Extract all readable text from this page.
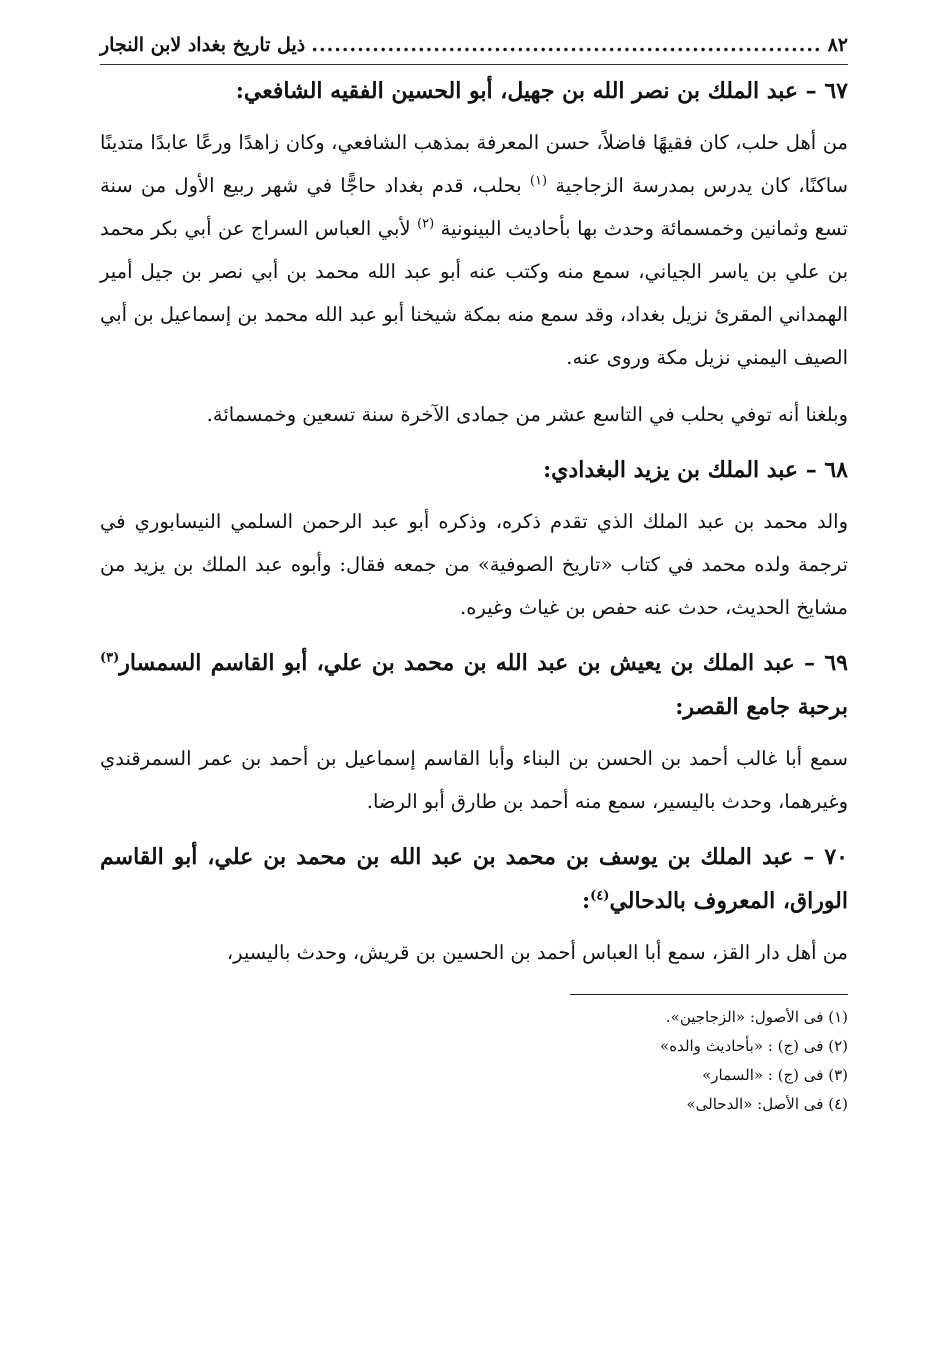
٨٢
...................................................................
ذيل تاريخ بغداد لابن النجار
٦٧ – عبد الملك بن نصر الله بن جهيل، أبو الحسين الفقيه الشافعي:

من أهل حلب، كان فقيهًا فاضلاً، حسن المعرفة بمذهب الشافعي، وكان زاهدًا ورعًا عابدًا متدينًا ساكنًا، كان يدرس بمدرسة الزجاجية $^{(١)}$ بحلب، قدم بغداد حاجًّا في شهر ربيع الأول من سنة تسع وثمانين وخمسمائة وحدث بها بأحاديث البينونية $^{(٢)}$ لأبي العباس السراج عن أبي بكر محمد بن علي بن ياسر الجياني، سمع منه وكتب عنه أبو عبد الله محمد بن أبي نصر بن جيل أمير الهمداني المقرئ نزيل بغداد، وقد سمع منه بمكة شيخنا أبو عبد الله محمد بن إسماعيل بن أبي الصيف اليمني نزيل مكة وروى عنه.

وبلغنا أنه توفي بحلب في التاسع عشر من جمادى الآخرة سنة تسعين وخمسمائة.

٦٨ – عبد الملك بن يزيد البغدادي:

والد محمد بن عبد الملك الذي تقدم ذكره، وذكره أبو عبد الرحمن السلمي النيسابوري في ترجمة ولده محمد في كتاب «تاريخ الصوفية» من جمعه فقال: وأبوه عبد الملك بن يزيد من مشايخ الحديث، حدث عنه حفص بن غياث وغيره.

٦٩ – عبد الملك بن يعيش بن عبد الله بن محمد بن علي، أبو القاسم السمسار$^{(٣)}$ برحبة جامع القصر:

سمع أبا غالب أحمد بن الحسن بن البناء وأبا القاسم إسماعيل بن أحمد بن عمر السمرقندي وغيرهما، وحدث باليسير، سمع منه أحمد بن طارق أبو الرضا.

٧٠ – عبد الملك بن يوسف بن محمد بن عبد الله بن محمد بن علي، أبو القاسم الوراق، المعروف بالدحالي$^{(٤)}$:

من أهل دار القز، سمع أبا العباس أحمد بن الحسين بن قريش، وحدث باليسير،

(١) فى الأصول: «الزجاجين».
(٢) فى (ج) : «بأحاديث والده»
(٣) فى (ج) : «السمار»
(٤) فى الأصل: «الدحالى»
